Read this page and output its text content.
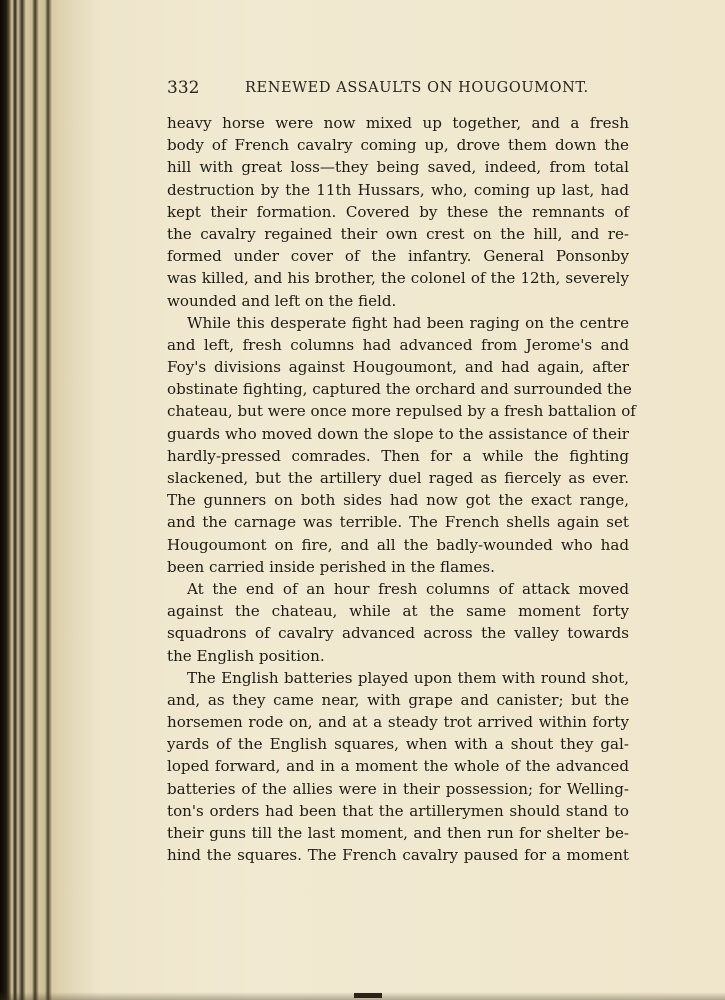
332	RENEWED ASSAULTS ON HOUGOUMONT.
heavy horse were now mixed up together, and a fresh
body of French cavalry coming up, drove them down the
hill with great loss—they being saved, indeed, from total
destruction by the 11th Hussars, who, coming up last, had
kept their formation. Covered by these the remnants of
the cavalry regained their own crest on the hill, and re-
formed under cover of the infantry. General Ponsonby
was killed, and his brother, the colonel of the 12th, severely
wounded and left on the field.
While this desperate fight had been raging on the centre
and left, fresh columns had advanced from Jerome's and
Foy's divisions against Hougoumont, and had again, after
obstinate fighting, captured the orchard and surrounded the
chateau, but were once more repulsed by a fresh battalion of
guards who moved down the slope to the assistance of their
hardly-pressed comrades. Then for a while the fighting
slackened, but the artillery duel raged as fiercely as ever.
The gunners on both sides had now got the exact range,
and the carnage was terrible. The French shells again set
Hougoumont on fire, and all the badly-wounded who had
been carried inside perished in the flames.
At the end of an hour fresh columns of attack moved
against the chateau, while at the same moment forty
squadrons of cavalry advanced across the valley towards
the English position.
The English batteries played upon them with round shot,
and, as they came near, with grape and canister; but the
horsemen rode on, and at a steady trot arrived within forty
yards of the English squares, when with a shout they gal-
loped forward, and in a moment the whole of the advanced
batteries of the allies were in their possession; for Welling-
ton's orders had been that the artillerymen should stand to
their guns till the last moment, and then run for shelter be-
hind the squares. The French cavalry paused for a moment
